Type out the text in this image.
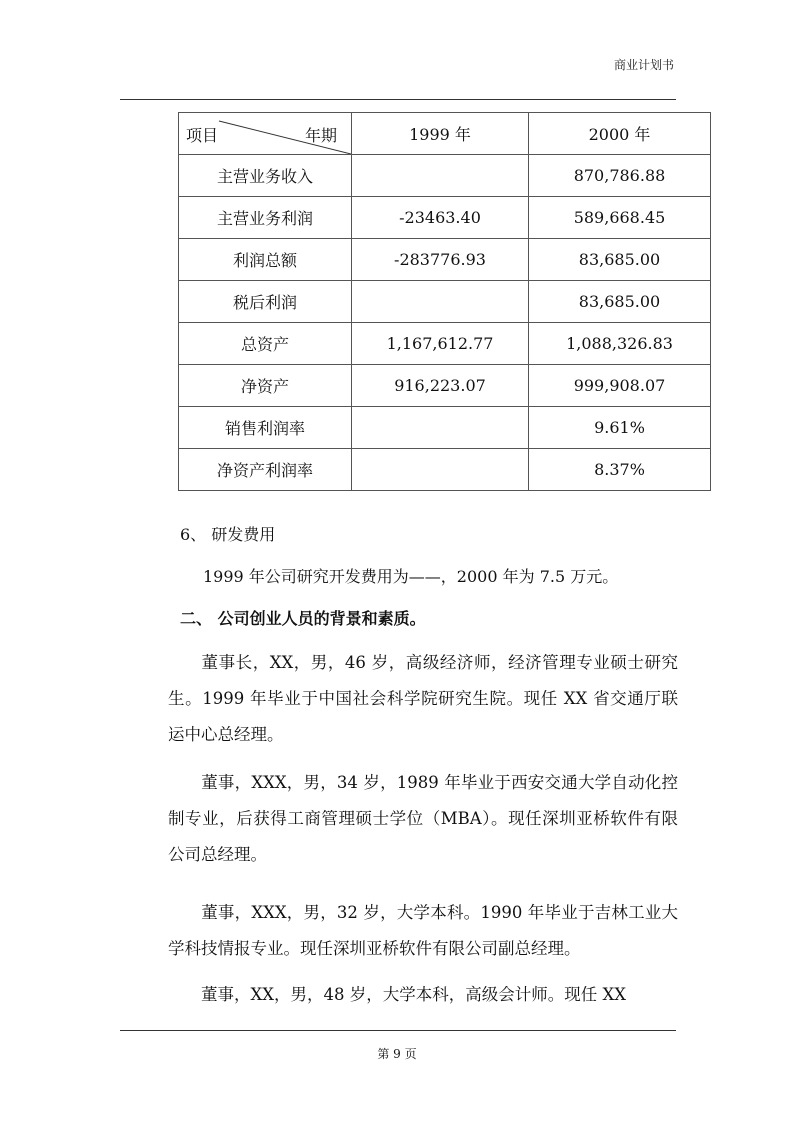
商业计划书
项目 年期	1999 年	2000 年
主营业务收入		870,786.88
主营业务利润	-23463.40	589,668.45
利润总额	-283776.93	83,685.00
税后利润		83,685.00
总资产	1,167,612.77	1,088,326.83
净资产	916,223.07	999,908.07
销售利润率		9.61%
净资产利润率		8.37%
6、 研发费用
1999 年公司研究开发费用为——，2000 年为 7.5 万元。
二、 公司创业人员的背景和素质。
董事长，XX，男，46 岁，高级经济师，经济管理专业硕士研究生。1999 年毕业于中国社会科学院研究生院。现任 XX 省交通厅联运中心总经理。
董事，XXX，男，34 岁，1989 年毕业于西安交通大学自动化控制专业，后获得工商管理硕士学位（MBA）。现任深圳亚桥软件有限公司总经理。
董事，XXX，男，32 岁，大学本科。1990 年毕业于吉林工业大学科技情报专业。现任深圳亚桥软件有限公司副总经理。
董事，XX，男，48 岁，大学本科，高级会计师。现任 XX
第 9 页
